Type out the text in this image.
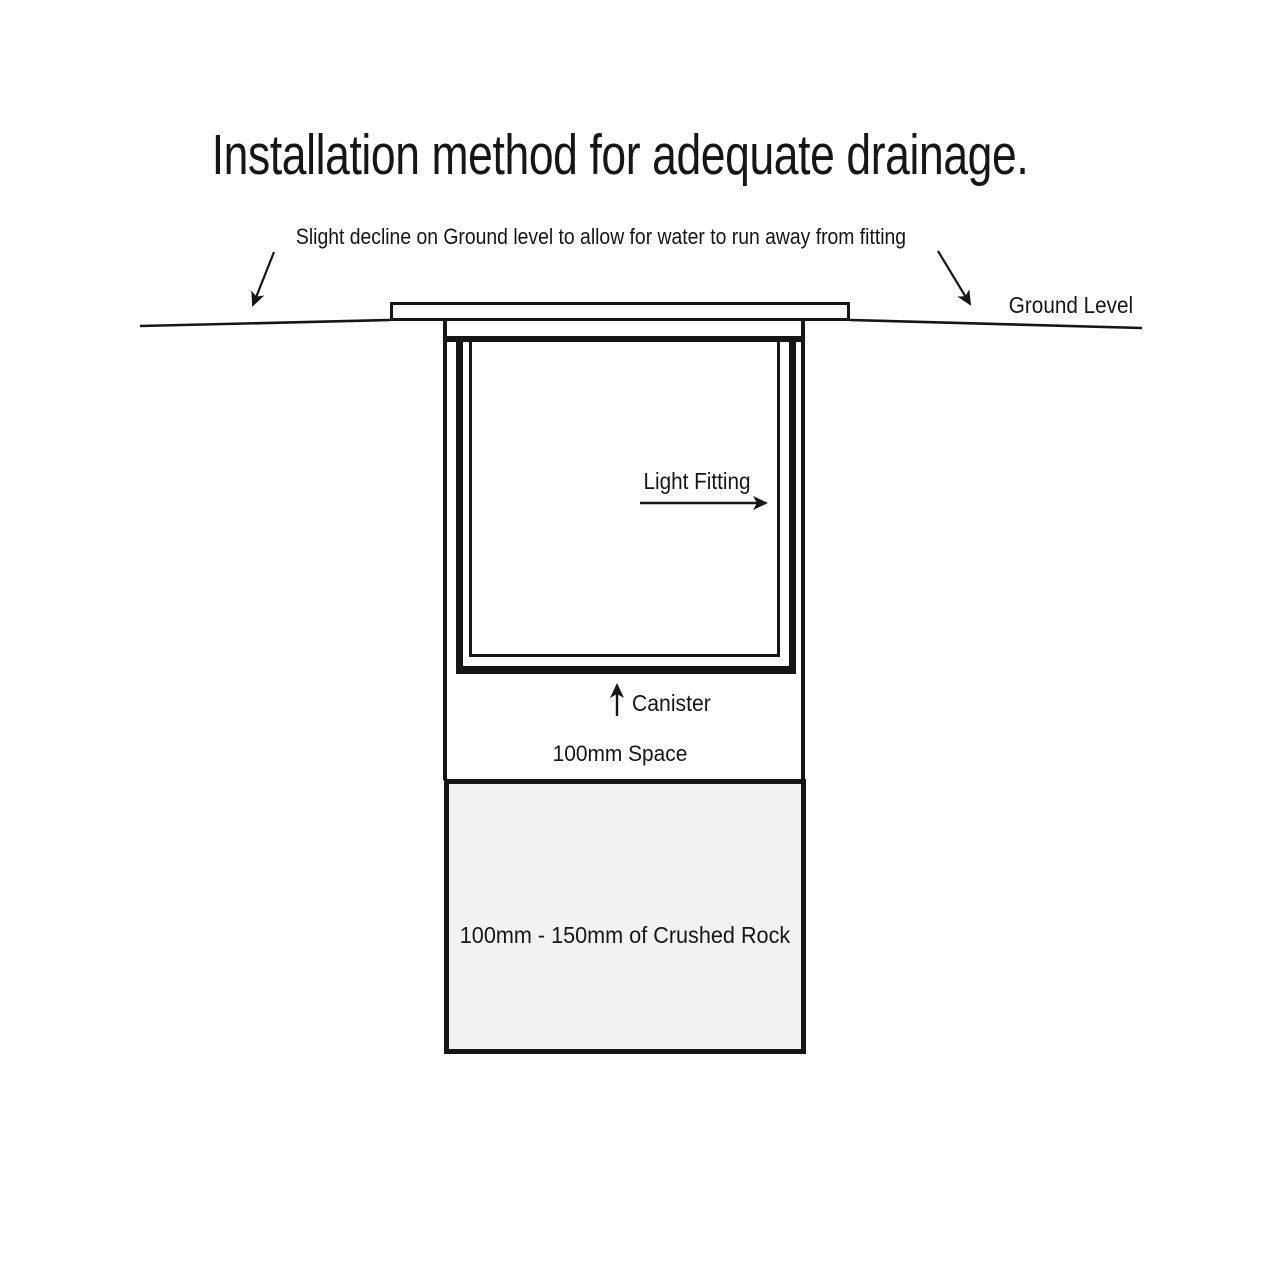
Installation method for adequate drainage.
Slight decline on Ground level to allow for water to run away from fitting
Ground Level
100mm - 150mm of Crushed Rock
Light Fitting
Canister
100mm Space
